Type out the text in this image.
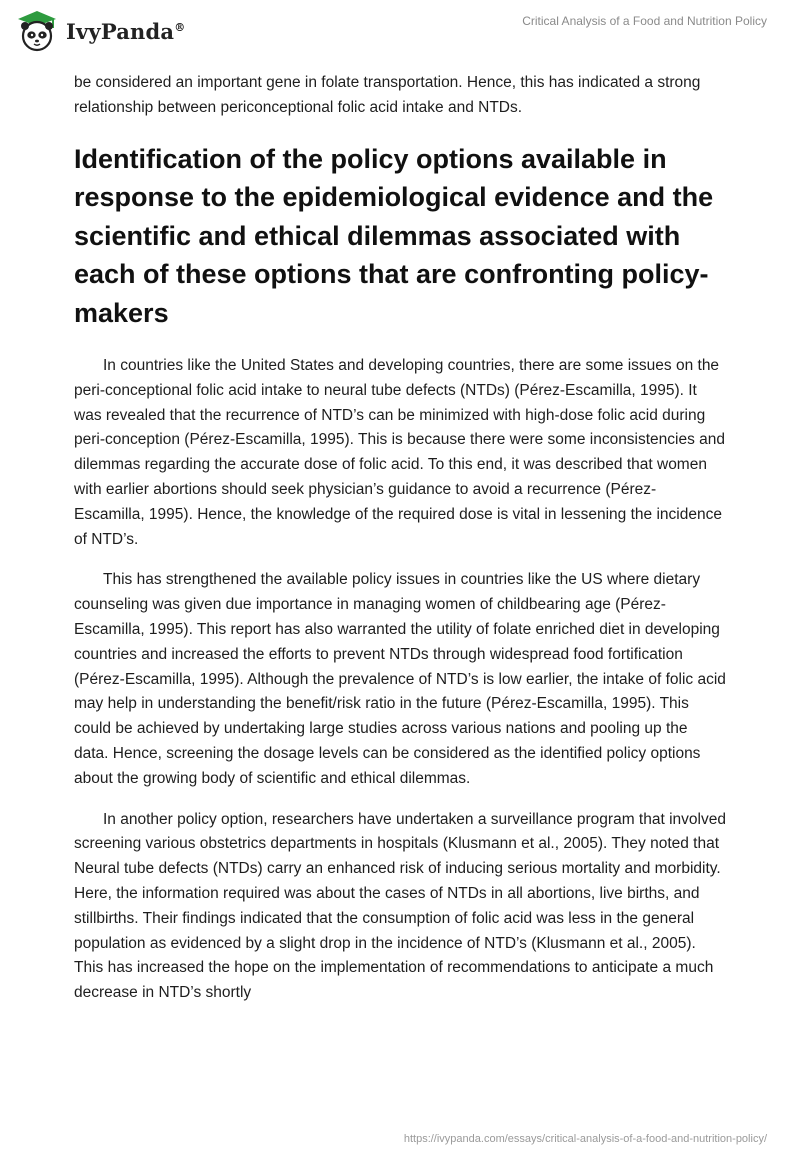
IvyPanda®	Critical Analysis of a Food and Nutrition Policy

be considered an important gene in folate transportation. Hence, this has indicated a strong relationship between periconceptional folic acid intake and NTDs.

Identification of the policy options available in response to the epidemiological evidence and the scientific and ethical dilemmas associated with each of these options that are confronting policy-makers

In countries like the United States and developing countries, there are some issues on the peri-conceptional folic acid intake to neural tube defects (NTDs) (Pérez-Escamilla, 1995). It was revealed that the recurrence of NTD’s can be minimized with high-dose folic acid during peri-conception (Pérez-Escamilla, 1995). This is because there were some inconsistencies and dilemmas regarding the accurate dose of folic acid. To this end, it was described that women with earlier abortions should seek physician’s guidance to avoid a recurrence (Pérez-Escamilla, 1995). Hence, the knowledge of the required dose is vital in lessening the incidence of NTD’s.

This has strengthened the available policy issues in countries like the US where dietary counseling was given due importance in managing women of childbearing age (Pérez-Escamilla, 1995). This report has also warranted the utility of folate enriched diet in developing countries and increased the efforts to prevent NTDs through widespread food fortification (Pérez-Escamilla, 1995). Although the prevalence of NTD’s is low earlier, the intake of folic acid may help in understanding the benefit/risk ratio in the future (Pérez-Escamilla, 1995). This could be achieved by undertaking large studies across various nations and pooling up the data. Hence, screening the dosage levels can be considered as the identified policy options about the growing body of scientific and ethical dilemmas.

In another policy option, researchers have undertaken a surveillance program that involved screening various obstetrics departments in hospitals (Klusmann et al., 2005). They noted that Neural tube defects (NTDs) carry an enhanced risk of inducing serious mortality and morbidity. Here, the information required was about the cases of NTDs in all abortions, live births, and stillbirths. Their findings indicated that the consumption of folic acid was less in the general population as evidenced by a slight drop in the incidence of NTD’s (Klusmann et al., 2005). This has increased the hope on the implementation of recommendations to anticipate a much decrease in NTD’s shortly

https://ivypanda.com/essays/critical-analysis-of-a-food-and-nutrition-policy/
